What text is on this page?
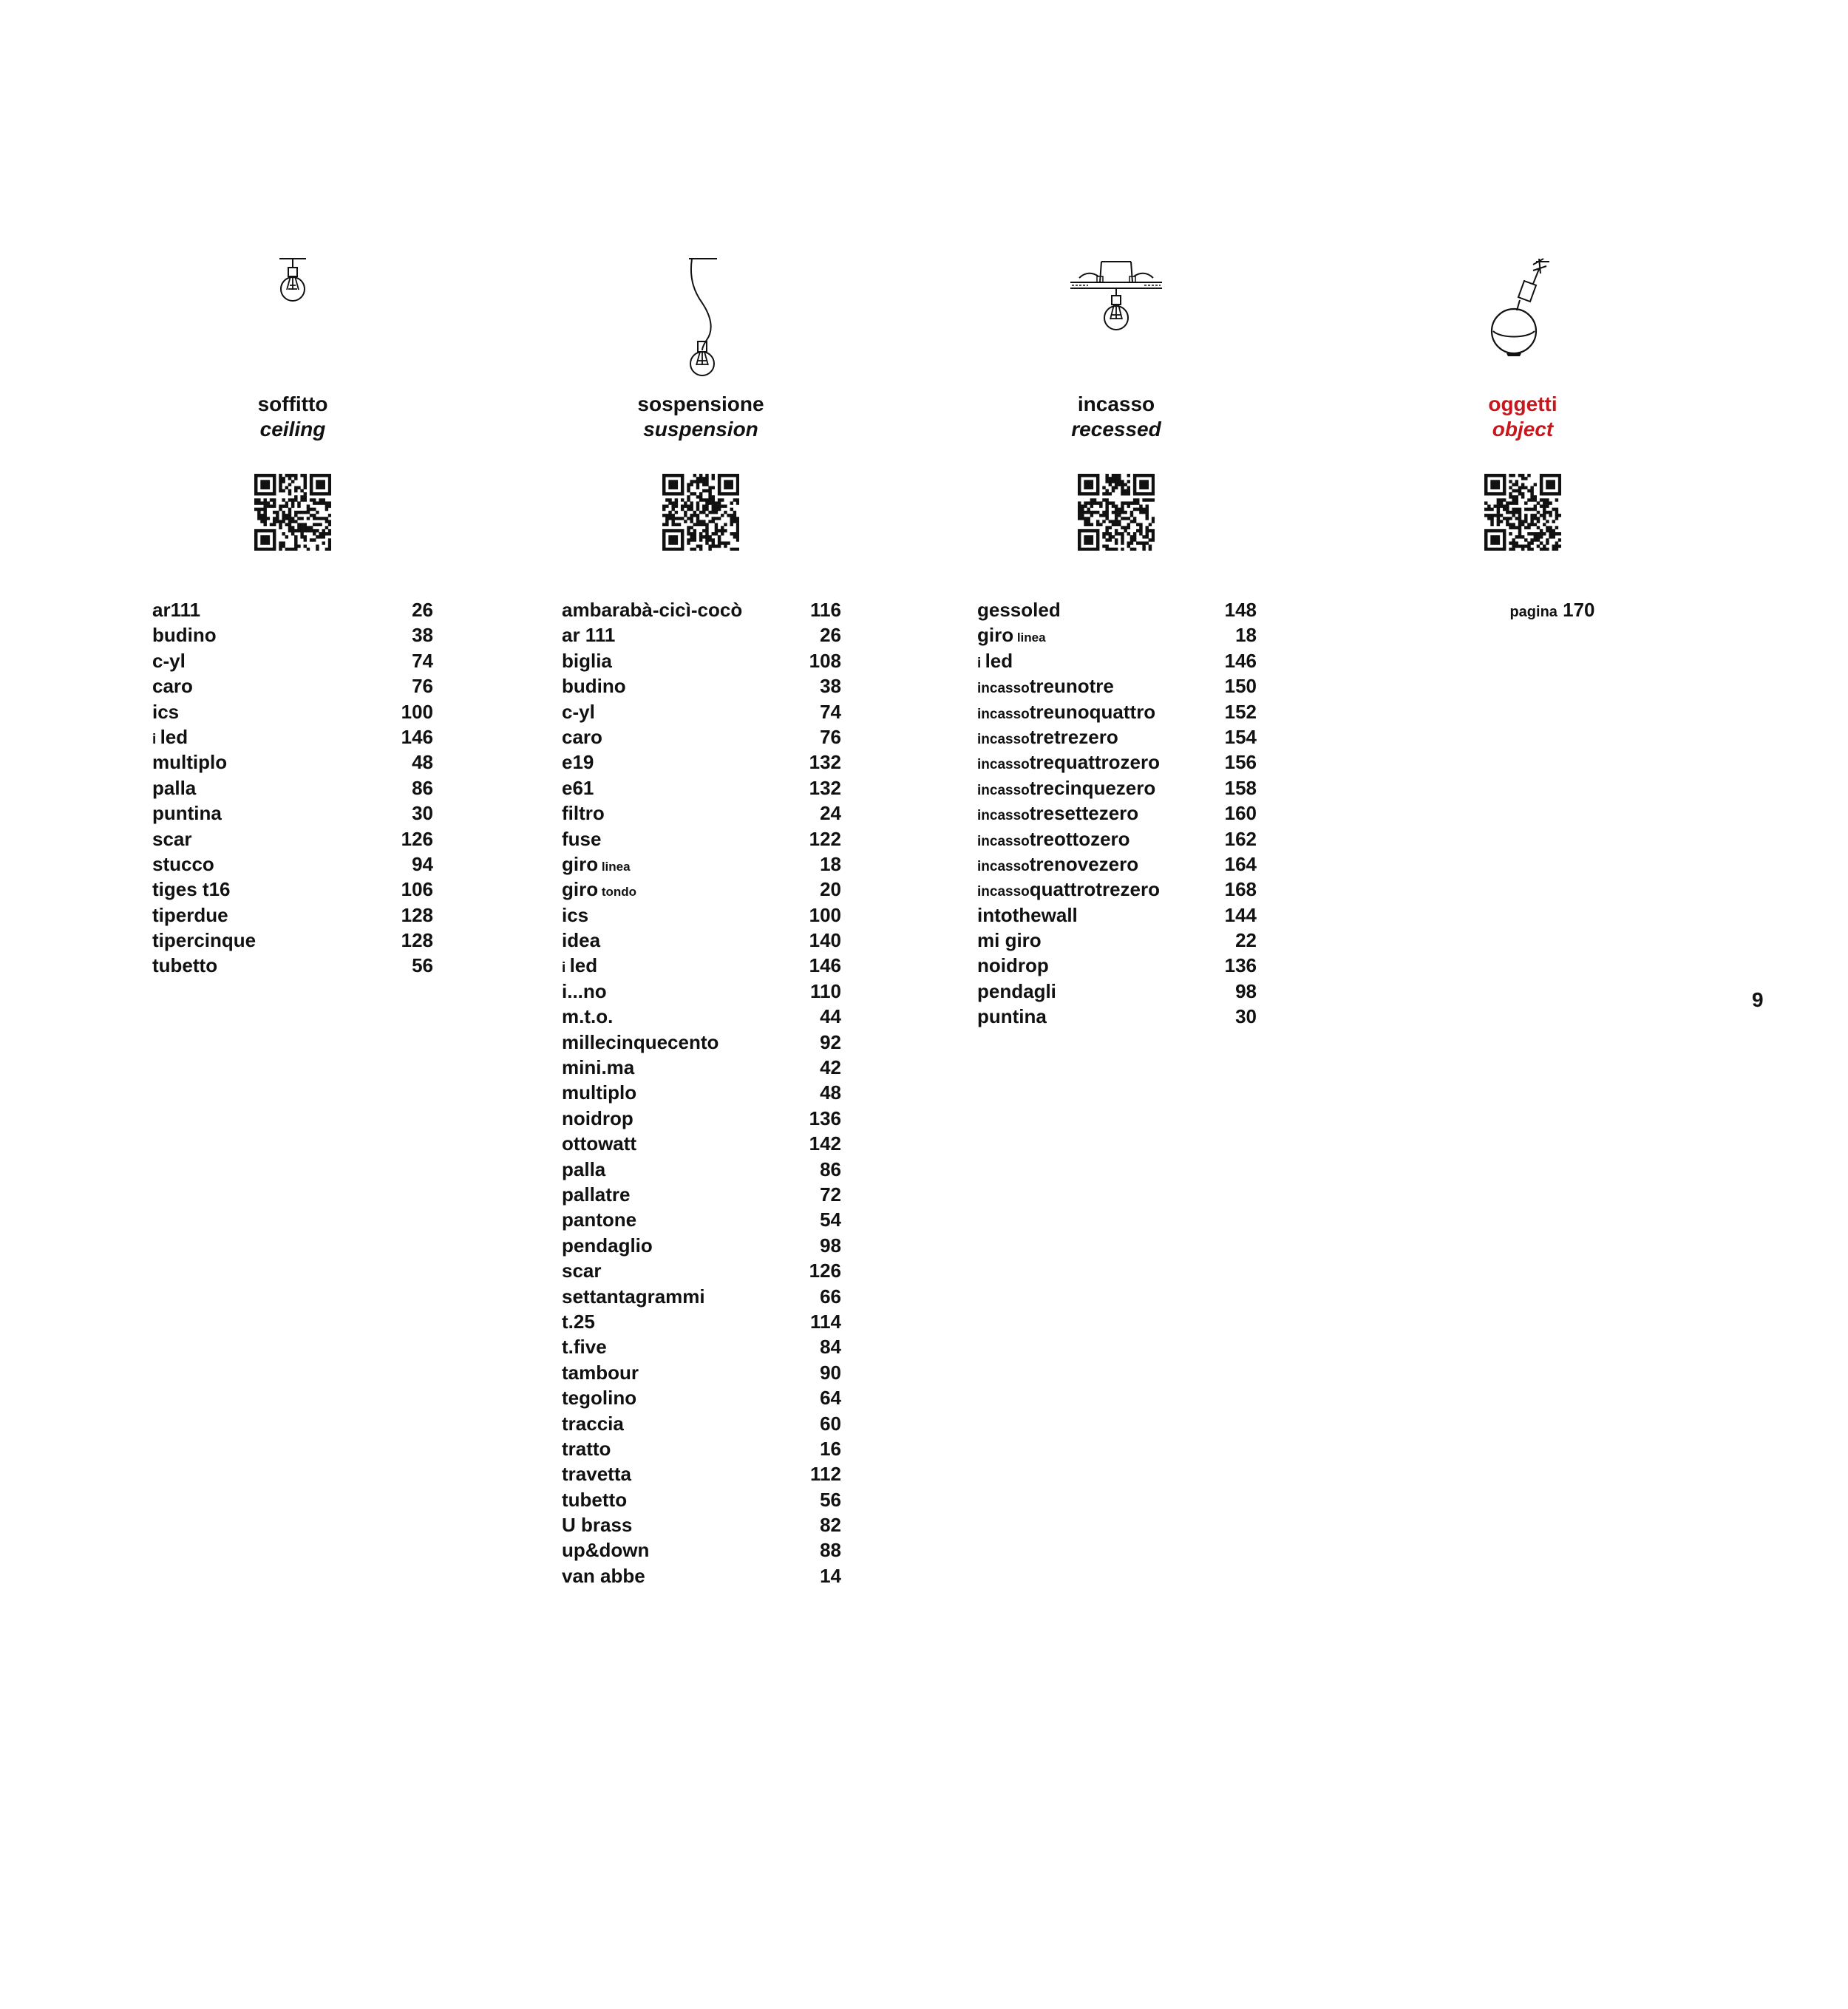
soffitto
ceiling
ar111	26
budino	38
c-yl	74
caro	76
ics	100
i led	146
multiplo	48
palla	86
puntina	30
scar	126
stucco	94
tiges t16	106
tiperdue	128
tipercinque	128
tubetto	56
sospensione
suspension
ambarabà-cicì-cocò	116
ar 111	26
biglia	108
budino	38
c-yl	74
caro	76
e19	132
e61	132
filtro	24
fuse	122
giro linea	18
giro tondo	20
ics	100
idea	140
i led	146
i...no	110
m.t.o.	44
millecinquecento	92
mini.ma	42
multiplo	48
noidrop	136
ottowatt	142
palla	86
pallatre	72
pantone	54
pendaglio	98
scar	126
settantagrammi	66
t.25	114
t.five	84
tambour	90
tegolino	64
traccia	60
tratto	16
travetta	112
tubetto	56
U brass	82
up&down	88
van abbe	14
incasso
recessed
gessoled	148
giro linea	18
i led	146
incassotreunotre	150
incassotreunoquattro	152
incassotretrezero	154
incassotrequattrozero	156
incassotrecinquezero	158
incassotresettezero	160
incassotreottozero	162
incassotrenovezero	164
incassoquattrotrezero	168
intothewall	144
mi giro	22
noidrop	136
pendagli	98
puntina	30
oggetti
object
pagina 170
9
